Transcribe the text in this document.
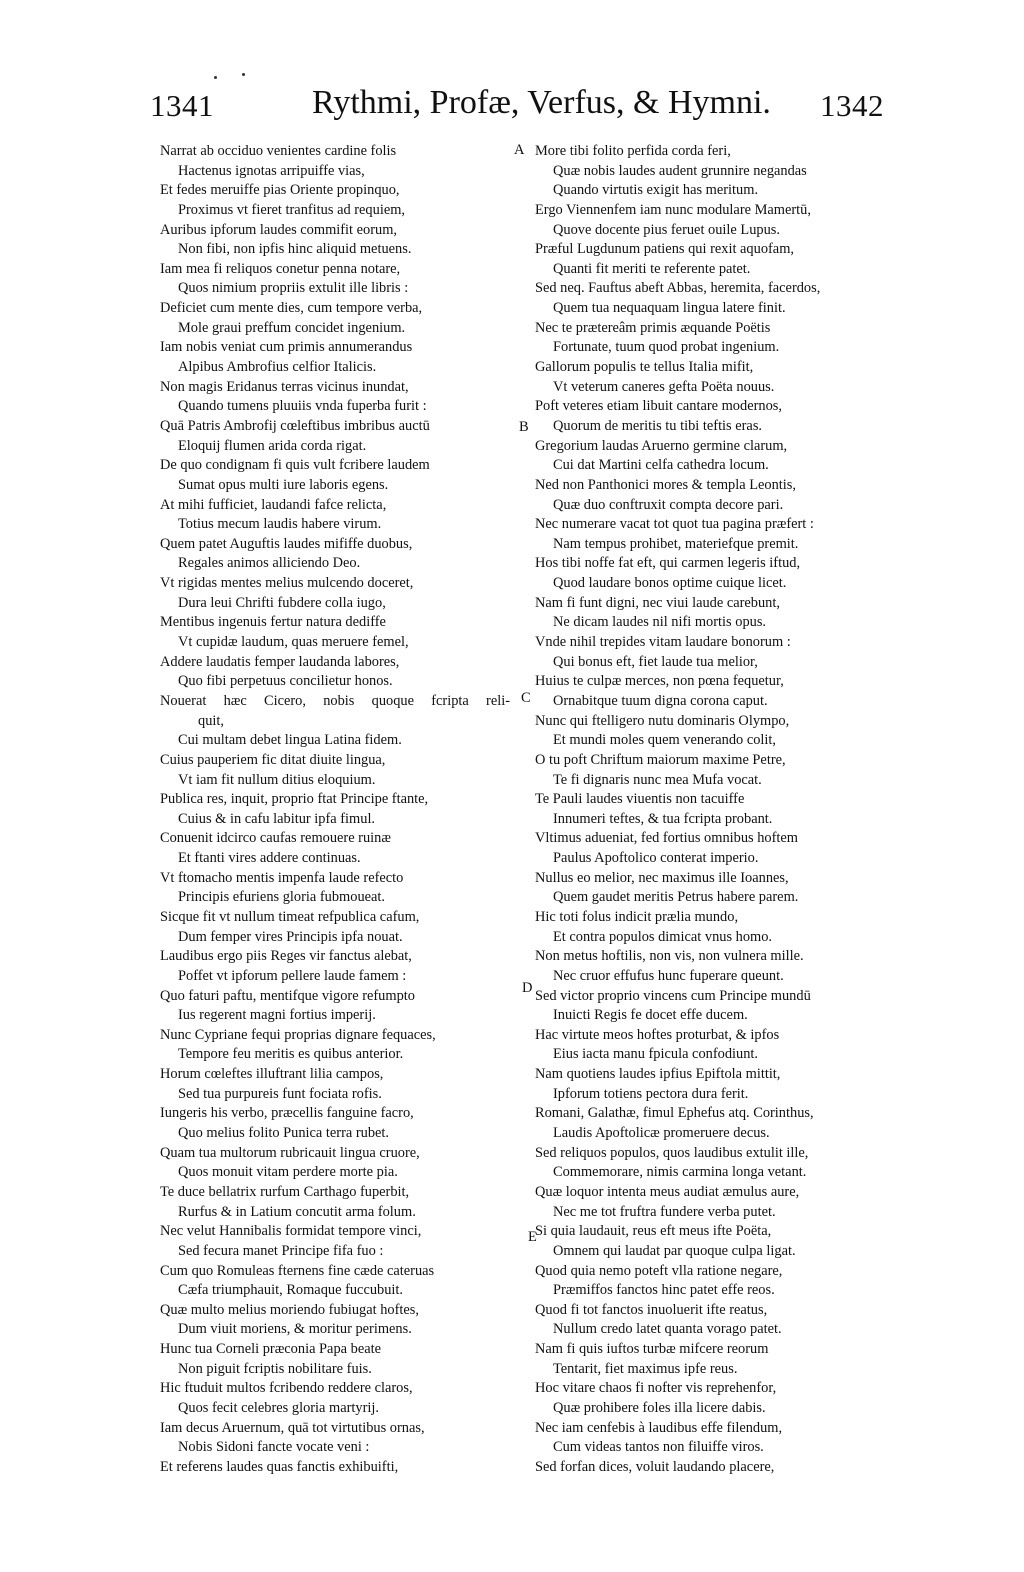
1341	Rythmi, Profæ, Verfus, & Hymni. 1342
Narrat ab occiduo venientes cardine folis
Hactenus ignotas arripuiffe vias,
Et fedes meruiffe pias Oriente propinquo,
Proximus vt fieret tranfitus ad requiem,
Auribus ipforum laudes commifit eorum,
Non fibi, non ipfis hinc aliquid metuens.
Iam mea fi reliquos conetur penna notare,
Quos nimium propriis extulit ille libris :
Deficiet cum mente dies, cum tempore verba,
Mole graui preffum concidet ingenium.
Iam nobis veniat cum primis annumerandus
Alpibus Ambrofius celfior Italicis.
Non magis Eridanus terras vicinus inundat,
Quando tumens pluuiis vnda fuperba furit :
Quā Patris Ambrofij cœleftibus imbribus auctū
Eloquij flumen arida corda rigat.
De quo condignam fi quis vult fcribere laudem
Sumat opus multi iure laboris egens.
At mihi fufficiet, laudandi fafce relicta,
Totius mecum laudis habere virum.
Quem patet Auguftis laudes mififfe duobus,
Regales animos alliciendo Deo.
Vt rigidas mentes melius mulcendo doceret,
Dura leui Chrifti fubdere colla iugo,
Mentibus ingenuis fertur natura dediffe
Vt cupidæ laudum, quas meruere femel,
Addere laudatis femper laudanda labores,
Quo fibi perpetuus concilietur honos.
Nouerat hæc Cicero, nobis quoque fcripta reli-
quit,
Cui multam debet lingua Latina fidem.
Cuius pauperiem fic ditat diuite lingua,
Vt iam fit nullum ditius eloquium.
Publica res, inquit, proprio ftat Principe ftante,
Cuius & in cafu labitur ipfa fimul.
Conuenit idcirco caufas remouere ruinæ
Et ftanti vires addere continuas.
Vt ftomacho mentis impenfa laude refecto
Principis efuriens gloria fubmoueat.
Sicque fit vt nullum timeat refpublica cafum,
Dum femper vires Principis ipfa nouat.
Laudibus ergo piis Reges vir fanctus alebat,
Poffet vt ipforum pellere laude famem :
Quo faturi paftu, mentifque vigore refumpto
Ius regerent magni fortius imperij.
Nunc Cypriane fequi proprias dignare fequaces,
Tempore feu meritis es quibus anterior.
Horum cœleftes illuftrant lilia campos,
Sed tua purpureis funt fociata rofis.
Iungeris his verbo, præcellis fanguine facro,
Quo melius folito Punica terra rubet.
Quam tua multorum rubricauit lingua cruore,
Quos monuit vitam perdere morte pia.
Te duce bellatrix rurfum Carthago fuperbit,
Rurfus & in Latium concutit arma folum.
Nec velut Hannibalis formidat tempore vinci,
Sed fecura manet Principe fifa fuo :
Cum quo Romuleas fternens fine cæde cateruas
Cæfa triumphauit, Romaque fuccubuit.
Quæ multo melius moriendo fubiugat hoftes,
Dum viuit moriens, & moritur perimens.
Hunc tua Corneli præconia Papa beate
Non piguit fcriptis nobilitare fuis.
Hic ftuduit multos fcribendo reddere claros,
Quos fecit celebres gloria martyrij.
Iam decus Aruernum, quā tot virtutibus ornas,
Nobis Sidoni fancte vocate veni :
Et referens laudes quas fanctis exhibuifti,
More tibi folito perfida corda feri,
Quæ nobis laudes audent grunnire negandas
Quando virtutis exigit has meritum.
Ergo Viennenfem iam nunc modulare Mamertū,
Quove docente pius feruet ouile Lupus.
Præful Lugdunum patiens qui rexit aquofam,
Quanti fit meriti te referente patet.
Sed neq. Fauftus abeft Abbas, heremita, facerdos,
Quem tua nequaquam lingua latere finit.
Nec te prætereâm primis æquande Poëtis
Fortunate, tuum quod probat ingenium.
Gallorum populis te tellus Italia mifit,
Vt veterum caneres gefta Poëta nouus.
Poft veteres etiam libuit cantare modernos,
Quorum de meritis tu tibi teftis eras.
Gregorium laudas Aruerno germine clarum,
Cui dat Martini celfa cathedra locum.
Ned non Panthonici mores & templa Leontis,
Quæ duo conftruxit compta decore pari.
Nec numerare vacat tot quot tua pagina præfert :
Nam tempus prohibet, materiefque premit.
Hos tibi noffe fat eft, qui carmen legeris iftud,
Quod laudare bonos optime cuique licet.
Nam fi funt digni, nec viui laude carebunt,
Ne dicam laudes nil nifi mortis opus.
Vnde nihil trepides vitam laudare bonorum :
Qui bonus eft, fiet laude tua melior,
Huius te culpæ merces, non pœna fequetur,
Ornabitque tuum digna corona caput.
Nunc qui ftelligero nutu dominaris Olympo,
Et mundi moles quem venerando colit,
O tu poft Chriftum maiorum maxime Petre,
Te fi dignaris nunc mea Mufa vocat.
Te Pauli laudes viuentis non tacuiffe
Innumeri teftes, & tua fcripta probant.
Vltimus adueniat, fed fortius omnibus hoftem
Paulus Apoftolico conterat imperio.
Nullus eo melior, nec maximus ille Ioannes,
Quem gaudet meritis Petrus habere parem.
Hic toti folus indicit prælia mundo,
Et contra populos dimicat vnus homo.
Non metus hoftilis, non vis, non vulnera mille.
Nec cruor effufus hunc fuperare queunt.
Sed victor proprio vincens cum Principe mundū
Inuicti Regis fe docet effe ducem.
Hac virtute meos hoftes proturbat, & ipfos
Eius iacta manu fpicula confodiunt.
Nam quotiens laudes ipfius Epiftola mittit,
Ipforum totiens pectora dura ferit.
Romani, Galathæ, fimul Ephefus atq. Corinthus,
Laudis Apoftolicæ promeruere decus.
Sed reliquos populos, quos laudibus extulit ille,
Commemorare, nimis carmina longa vetant.
Quæ loquor intenta meus audiat æmulus aure,
Nec me tot fruftra fundere verba putet.
Si quia laudauit, reus eft meus ifte Poëta,
Omnem qui laudat par quoque culpa ligat.
Quod quia nemo poteft vlla ratione negare,
Præmiffos fanctos hinc patet effe reos.
Quod fi tot fanctos inuoluerit ifte reatus,
Nullum credo latet quanta vorago patet.
Nam fi quis iuftos turbæ mifcere reorum
Tentarit, fiet maximus ipfe reus.
Hoc vitare chaos fi nofter vis reprehenfor,
Quæ prohibere foles illa licere dabis.
Nec iam cenfebis à laudibus effe filendum,
Cum videas tantos non filuiffe viros.
Sed forfan dices, voluit laudando placere,
A
B
C
D
E
